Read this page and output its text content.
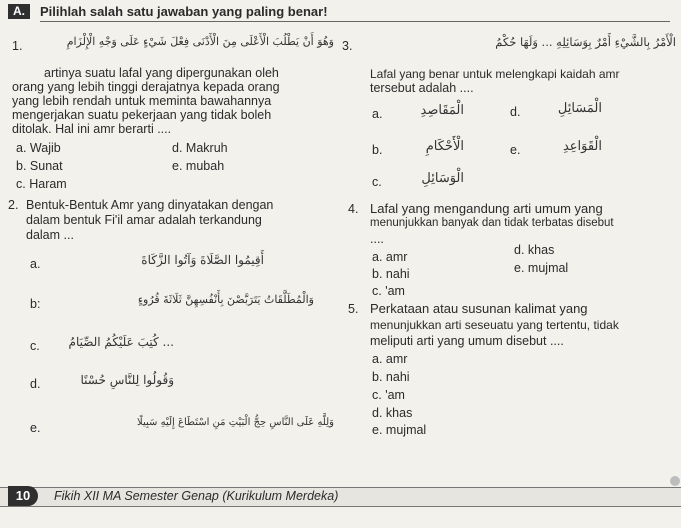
A.	Pilihlah salah satu jawaban yang paling benar!
1.	وَهُوَ أَنْ يَطْلُبَ الْأَعْلَى مِنَ الْأَدْنَى فِعْلَ شَيْءٍ عَلَى وَجْهِ الْإِلْزَامِ
artinya suatu lafal yang dipergunakan oleh
orang yang lebih tinggi derajatnya kepada orang
yang lebih rendah untuk meminta bawahannya
mengerjakan suatu pekerjaan yang tidak boleh
ditolak. Hal ini amr berarti ....
a. Wajib
b. Sunat
c. Haram
d. Makruh
e. mubah
2. Bentuk-Bentuk Amr yang dinyatakan dengan
dalam bentuk Fi'il amar adalah terkandung
dalam ...
a.	أَقِيمُوا الصَّلَاةَ وَآتُوا الزَّكَاةَ
b:	وَالْمُطَلَّقَاتُ يَتَرَبَّصْنَ بِأَنْفُسِهِنَّ ثَلَاثَةَ قُرُوءٍ
c.	... كُتِبَ عَلَيْكُمُ الصِّيَامُ
d.	وَقُولُوا لِلنَّاسِ حُسْنًا
e.	وَلِلَّهِ عَلَى النَّاسِ حِجُّ الْبَيْتِ مَنِ اسْتَطَاعَ إِلَيْهِ سَبِيلًا
3.	الْأَمْرُ بِالشَّيْءِ أَمْرٌ بِوَسَائِلِهِ ... وَلَهَا حُكْمُ
Lafal yang benar untuk melengkapi kaidah amr
tersebut adalah ....
a.	الْمَقَاصِدِ
b.	الْأَحْكَامِ
c.	الْوَسَائِلِ
d.	الْمَسَائِلِ
e.	الْقَوَاعِدِ
4. Lafal yang mengandung arti umum yang
menunjukkan banyak dan tidak terbatas disebut
....
a. amr
b. nahi
c. 'am
d. khas
e. mujmal
5. Perkataan atau susunan kalimat yang
menunjukkan arti seseuatu yang tertentu, tidak
meliputi arti yang umum disebut ....
a. amr
b. nahi
c. 'am
d. khas
e. mujmal
10	Fikih XII MA Semester Genap (Kurikulum Merdeka)
